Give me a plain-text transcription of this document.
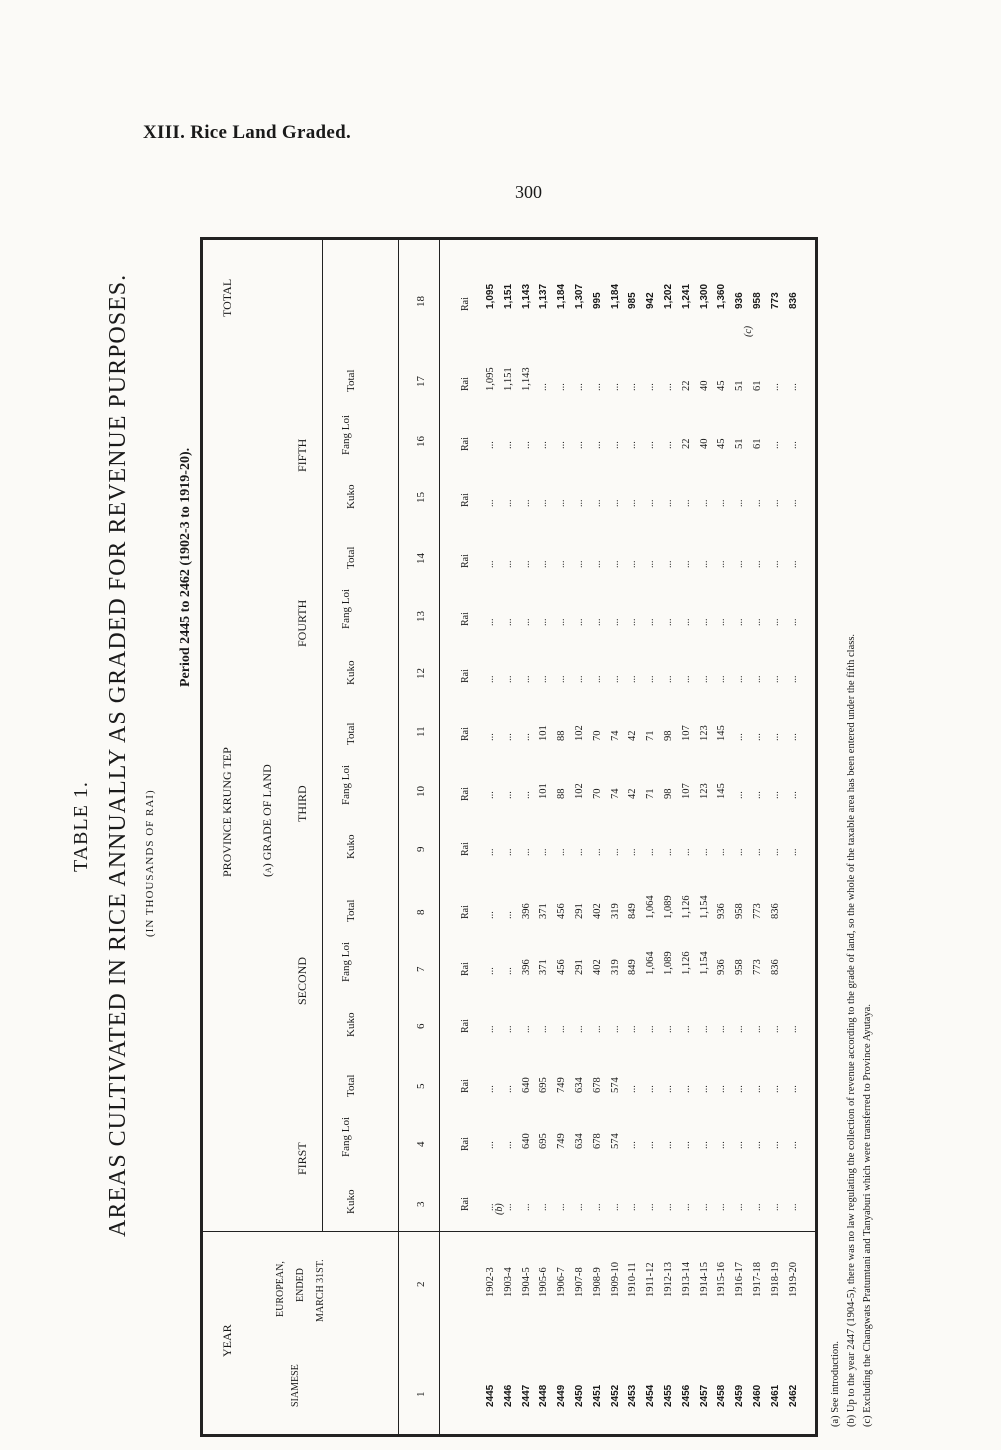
XIII. Rice Land Graded.
300
TABLE 1. AREAS CULTIVATED IN RICE ANNUALLY AS GRADED FOR REVENUE PURPOSES. (IN THOUSANDS OF RAI)
Period 2445 to 2462 (1902-3 to 1919-20).
YEAR
SIAMESE
EUROPEAN, ENDED MARCH 31ST.
PROVINCE KRUNG TEP (a) GRADE OF LAND
TOTAL
FIRST
SECOND
THIRD
FOURTH
FIFTH
Kuko
Fang Loi
Total
Kuko
Fang Loi
Total
Kuko
Fang Loi
Total
Kuko
Fang Loi
Total
Kuko
Fang Loi
Total
1
2
3
4
5
6
7
8
9
10
11
12
13
14
15
16
17
18
Rai
Rai
Rai
Rai
Rai
Rai
Rai
Rai
Rai
Rai
Rai
Rai
Rai
Rai
Rai
Rai
2445 2446 2447 2448 2449 2450 2451 2452 2453 2454 2455 2456 2457 2458 2459 2460 2461 2462
1902-3 1903-4 1904-5 1905-6 1906-7 1907-8 1908-9 1909-10 1910-11 1911-12 1912-13 1913-14 1914-15 1915-16 1916-17 1917-18 1918-19 1919-20
... ... 640 695 749 634 678 574 ... ... ... ... ... ... ... ... ... ...
... ... 640 695 749 634 678 574 ... ... ... ... ... ... ... ... ... ...
... ... 396 371 456 291 402 319 849 1,064 1,089 1,126 1,154 936 958 773 836
... ... 396 371 456 291 402 319 849 1,064 1,089 1,126 1,154 936 958 773 836
... ... ... 101 88 102 70 74 42 71 98 107 123 145 ... ... ... ...
... ... ... 101 88 102 70 74 42 71 98 107 123 145 ... ... ... ...
... ... ... ... ... ... ... ... ... ... ... 22 40 45 51 61 ... ...
1,095 1,151 1,143 ... ... ... ... ... ... ... ... 22 40 45 51 61 ... ...
1,095 1,151 1,143 1,137 1,184 1,307 995 1,184 985 942 1,202 1,241 1,300 1,360 936 958 773 836
... ... ... ... ... ... ... ... ... ... ... ... ... ... ... ... ... ...
... ... ... ... ... ... ... ... ... ... ... ... ... ... ... ... ... ...
... ... ... ... ... ... ... ... ... ... ... ... ... ... ... ... ... ...
... ... ... ... ... ... ... ... ... ... ... ... ... ... ... ... ... ...
... ... ... ... ... ... ... ... ... ... ... ... ... ... ... ... ... ...
... ... ... ... ... ... ... ... ... ... ... ... ... ... ... ... ... ...
... ... ... ... ... ... ... ... ... ... ... ... ... ... ... ... ... ...
(b)
(c)
(a) See introduction. (b) Up to the year 2447 (1904-5), there was no law regulating the collection of revenue according to the grade of land, so the whole of the taxable area has been entered under the fifth class. (c) Excluding the Changwats Pratumtani and Tanyaburi which were transferred to Province Ayutaya.
